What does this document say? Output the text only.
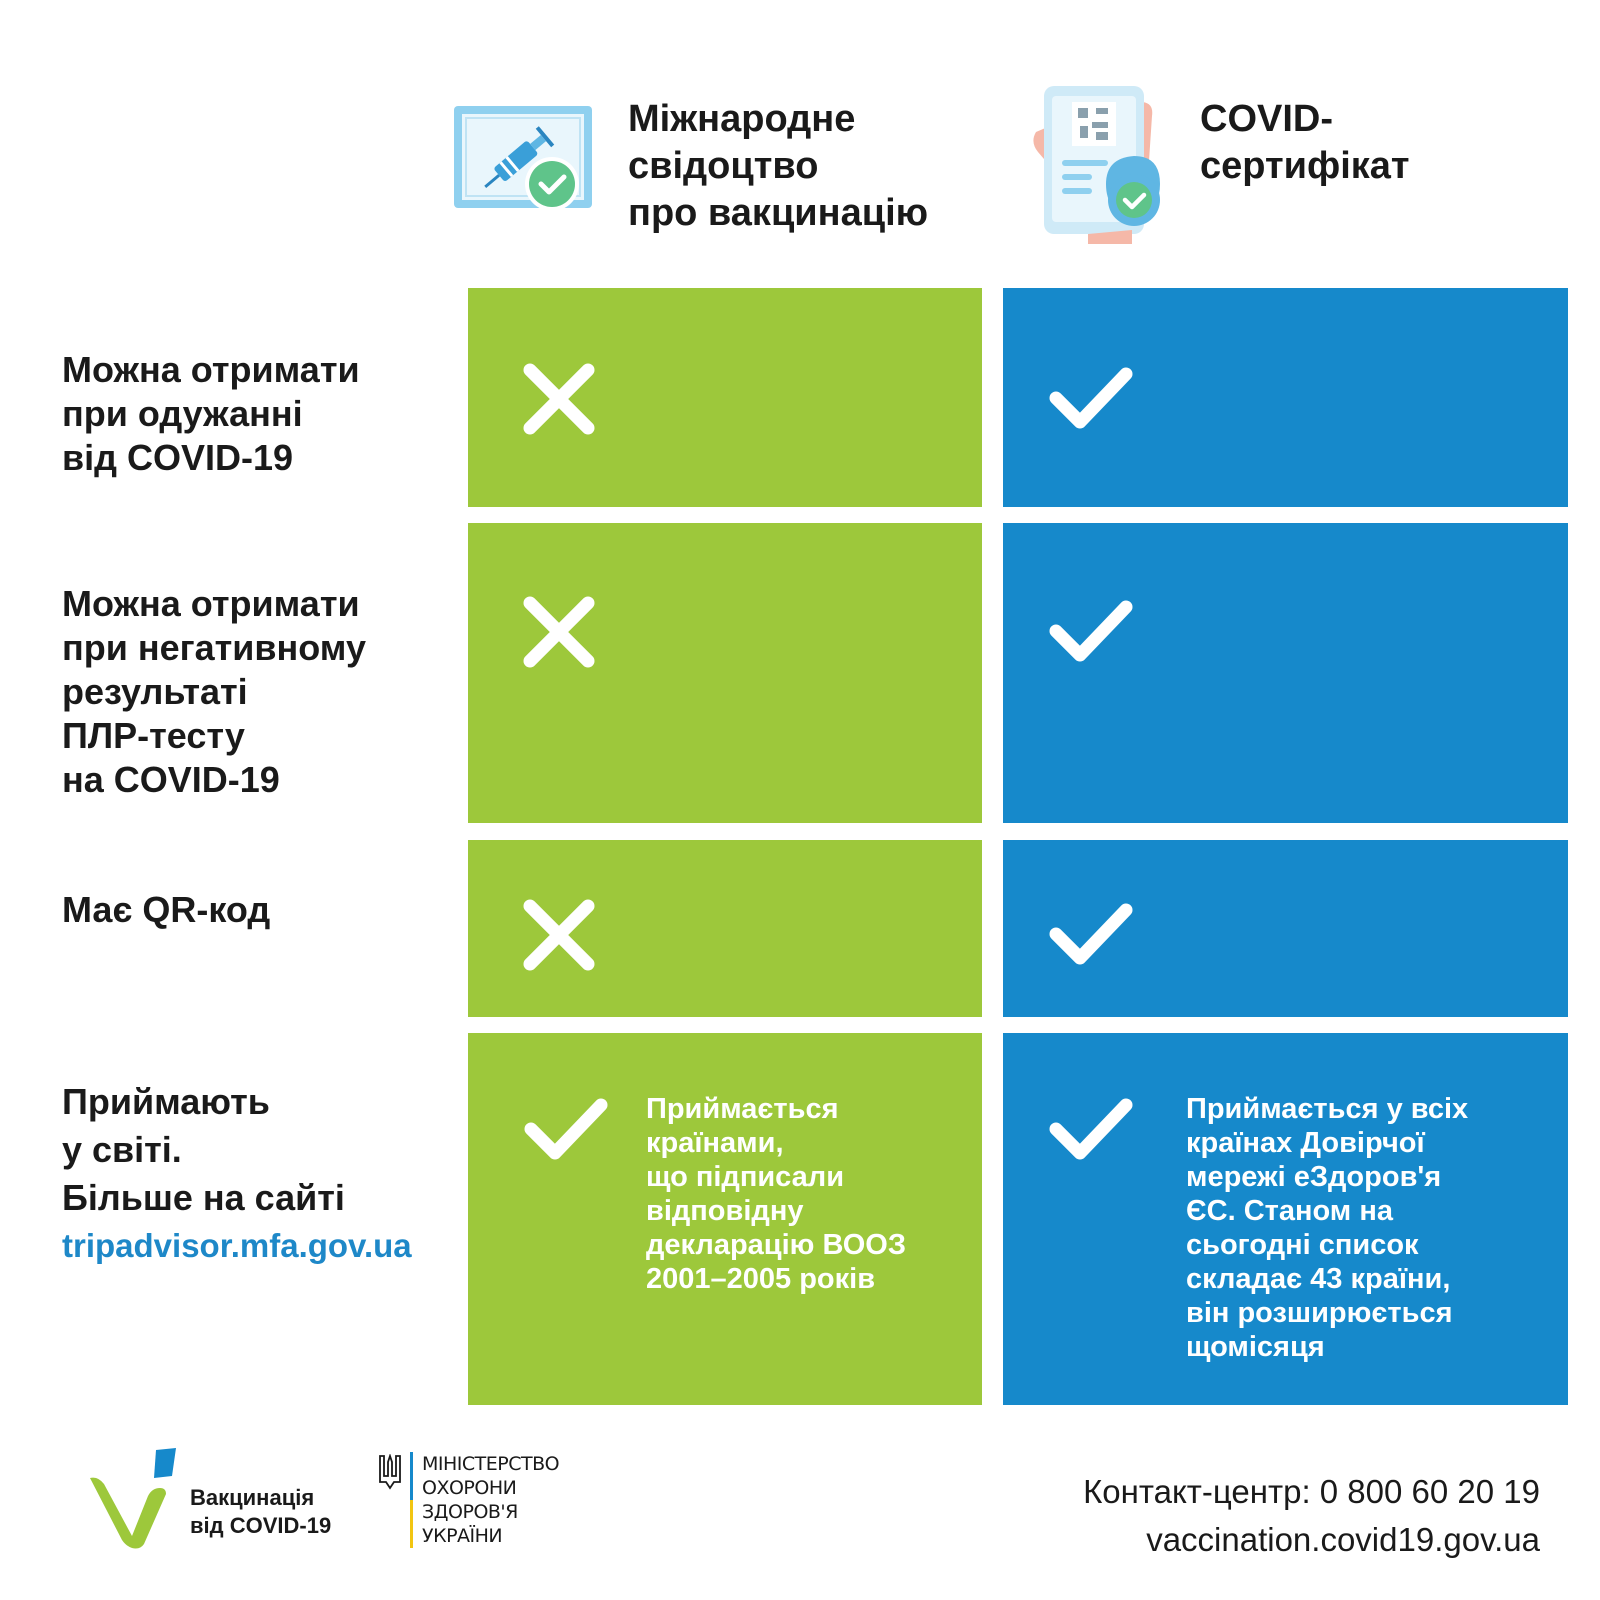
Міжнародне
свідоцтво
про вакцинацію
COVID-
сертифікат
Можна отримати
при одужанні
від COVID-19
Можна отримати
при негативному
результаті
ПЛР-тесту
на COVID-19
Має QR-код
Приймають
у світі.
Більше на сайті
tripadvisor.mfa.gov.ua
Приймається
країнами,
що підписали
відповідну
декларацію ВООЗ
2001–2005 років
Приймається у всіх
країнах Довірчої
мережі еЗдоров'я
ЄС. Станом на
сьогодні список
складає 43 країни,
він розширюється
щомісяця
Вакцинація
від COVID-19
МІНІСТЕРСТВО
ОХОРОНИ
ЗДОРОВ'Я
УКРАЇНИ
Контакт-центр: 0 800 60 20 19
vaccination.covid19.gov.ua
